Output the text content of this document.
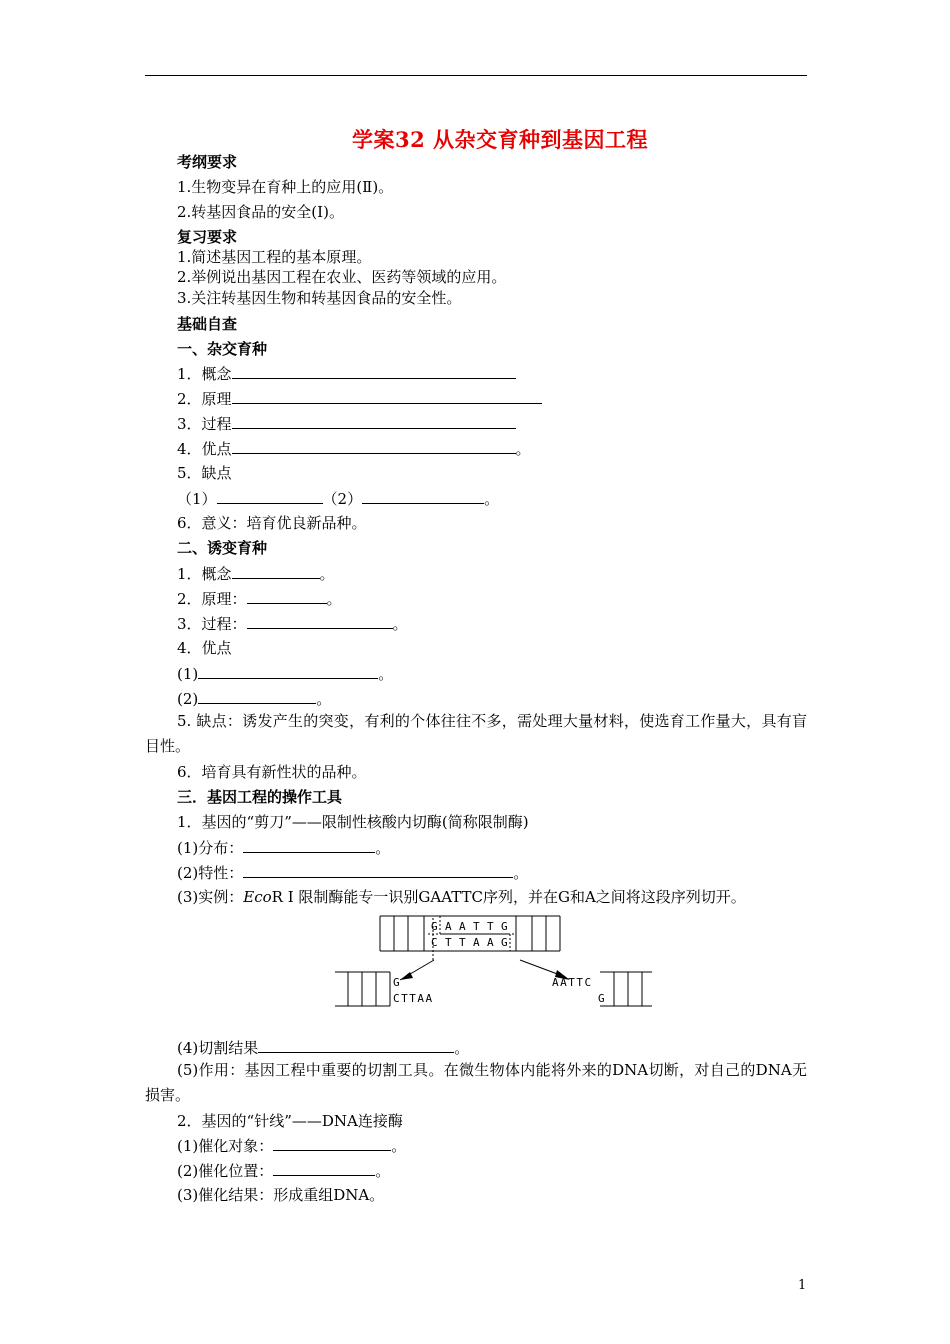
学案32 从杂交育种到基因工程
考纲要求
1.生物变异在育种上的应用(Ⅱ)。
2.转基因食品的安全(Ⅰ)。
复习要求
1.简述基因工程的基本原理。
2.举例说出基因工程在农业、医药等领域的应用。
3.关注转基因生物和转基因食品的安全性。
基础自查
一、杂交育种
1．概念
2．原理
3．过程
4．优点	。
5．缺点
（1）	（2）	。
6．意义：培育优良新品种。
二、诱变育种
1．概念	。
2．原理：	。
3．过程：	。
4．优点
(1)	。
(2)	。
5. 缺点：诱发产生的突变，有利的个体往往不多，需处理大量材料，使选育工作量大，具有盲目性。
6．培育具有新性状的品种。
三．基因工程的操作工具
1．基因的“剪刀”——限制性核酸内切酶(简称限制酶)
(1)分布：	。
(2)特性：	。
(3)实例：EcoR Ⅰ 限制酶能专一识别GAATTC序列，并在G和A之间将这段序列切开。
G A A T T G
C T T A A G
G
CTTAA
AATTC
G
(4)切割结果	。
(5)作用：基因工程中重要的切割工具。在微生物体内能将外来的DNA切断，对自己的DNA无损害。
2．基因的“针线”——DNA连接酶
(1)催化对象：	。
(2)催化位置：	。
(3)催化结果：形成重组DNA。
1
